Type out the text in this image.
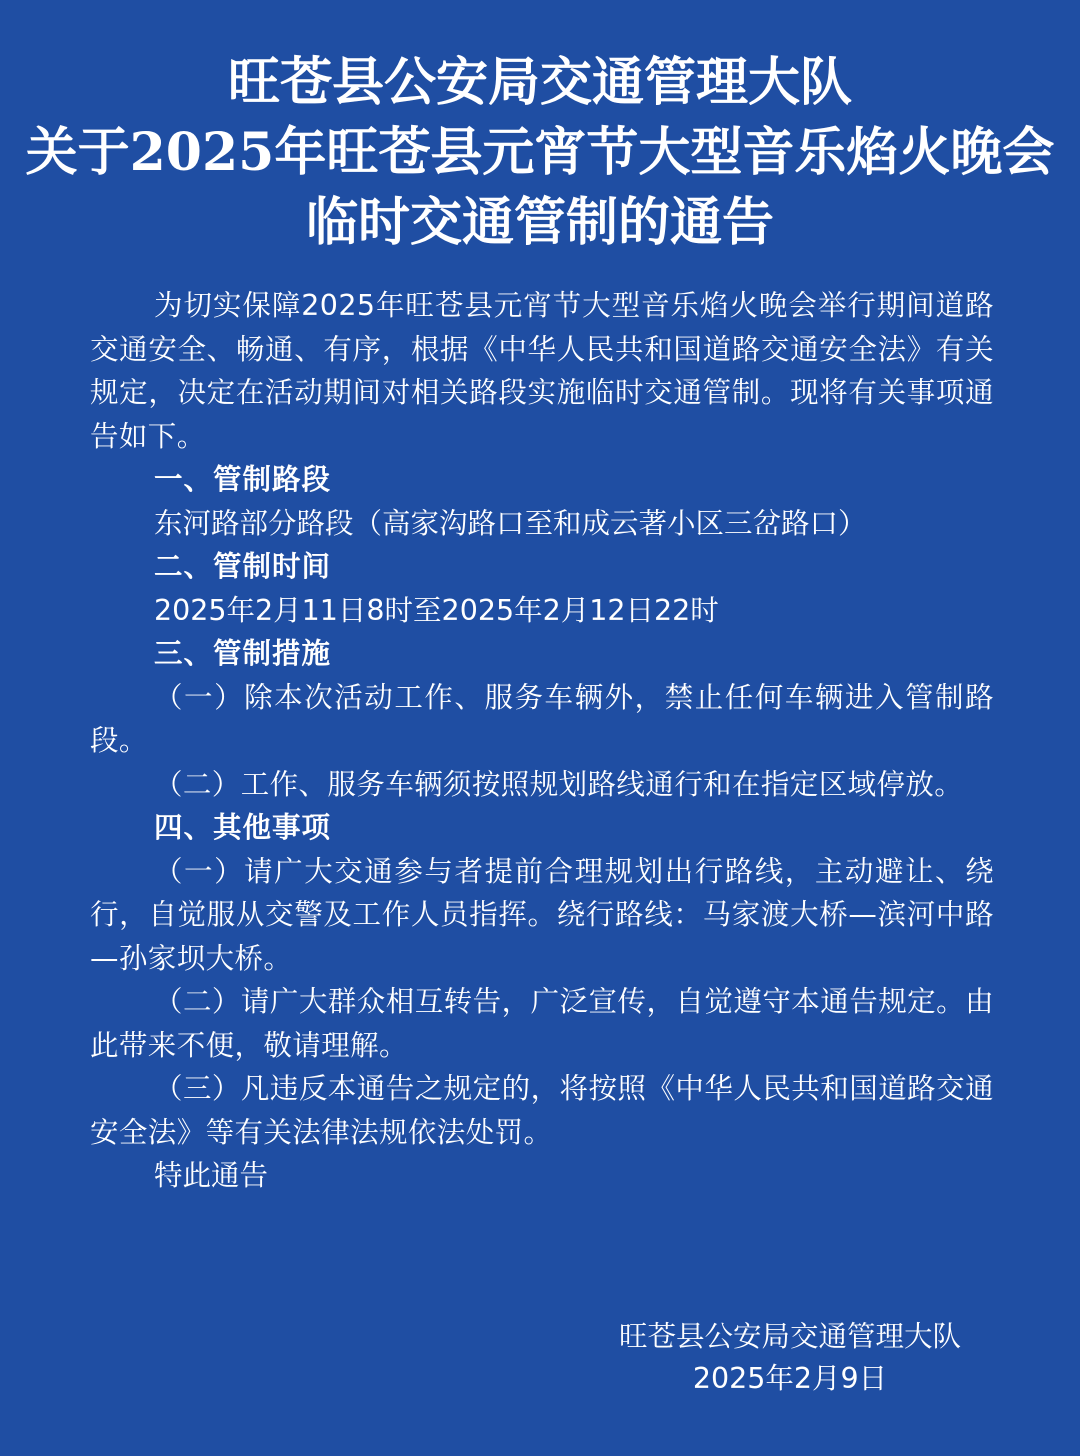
旺苍县公安局交通管理大队
关于2025年旺苍县元宵节大型音乐焰火晚会
临时交通管制的通告

为切实保障2025年旺苍县元宵节大型音乐焰火晚会举行期间道路交通安全、畅通、有序，根据《中华人民共和国道路交通安全法》有关规定，决定在活动期间对相关路段实施临时交通管制。现将有关事项通告如下。

一、管制路段

东河路部分路段（高家沟路口至和成云著小区三岔路口）

二、管制时间

2025年2月11日8时至2025年2月12日22时

三、管制措施

（一）除本次活动工作、服务车辆外，禁止任何车辆进入管制路段。

（二）工作、服务车辆须按照规划路线通行和在指定区域停放。

四、其他事项

（一）请广大交通参与者提前合理规划出行路线，主动避让、绕行，自觉服从交警及工作人员指挥。绕行路线：马家渡大桥—滨河中路—孙家坝大桥。

（二）请广大群众相互转告，广泛宣传，自觉遵守本通告规定。由此带来不便，敬请理解。

（三）凡违反本通告之规定的，将按照《中华人民共和国道路交通安全法》等有关法律法规依法处罚。

特此通告

旺苍县公安局交通管理大队
2025年2月9日
